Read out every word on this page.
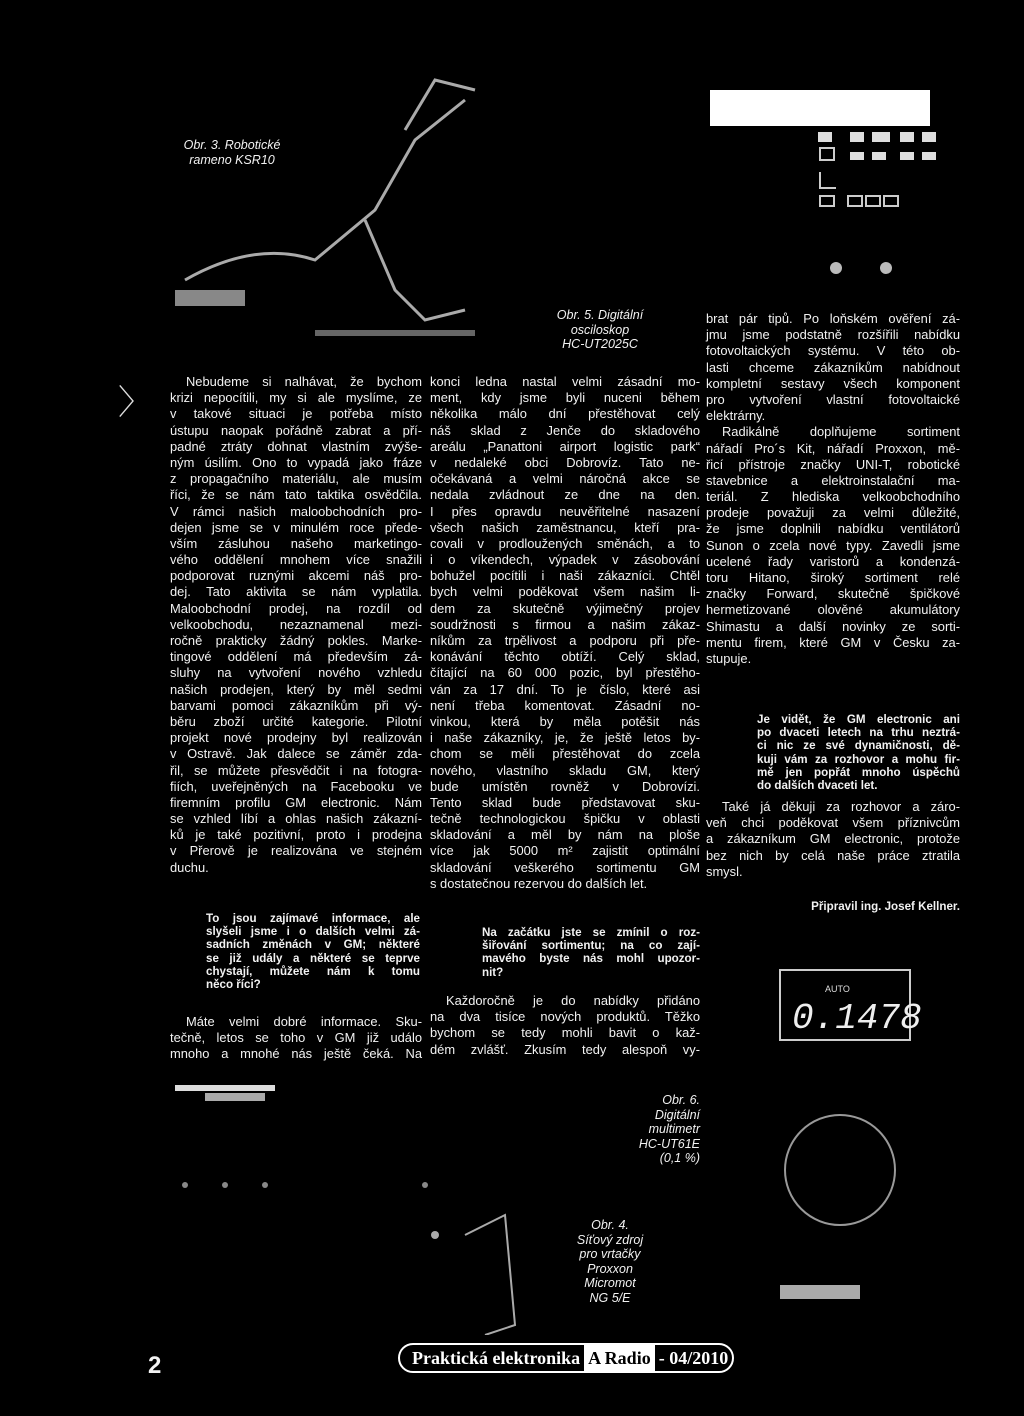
0.1478
AUTO
〉
Obr. 3. Robotické
rameno KSR10
Obr. 5. Digitální
osciloskop
HC-UT2025C
Obr. 6.
Digitální
multimetr
HC-UT61E
(0,1 %)
Obr. 4.
Síťový zdroj
pro vrtačky
Proxxon
Micromot
NG 5/E
Nebudeme si nalhávat, že bychom
krizi nepocítili, my si ale myslíme, ze
v takové situaci je potřeba místo
ústupu naopak pořádně zabrat a pří-
padné ztráty dohnat vlastním zvýše-
ným úsilím. Ono to vypadá jako fráze
z propagačního materiálu, ale musím
říci, že se nám tato taktika osvědčila.
V rámci našich maloobchodních pro-
dejen jsme se v minulém roce přede-
vším zásluhou našeho marketingo-
vého oddělení mnohem více snažili
podporovat ruznými akcemi náš pro-
dej. Tato aktivita se nám vyplatila.
Maloobchodní prodej, na rozdíl od
velkoobchodu, nezaznamenal mezi-
ročně prakticky žádný pokles. Marke-
tingové oddělení má především zá-
sluhy na vytvoření nového vzhledu
našich prodejen, který by měl sedmi
barvami pomoci zákazníkům při vý-
běru zboží určité kategorie. Pilotní
projekt nové prodejny byl realizován
v Ostravě. Jak dalece se záměr zda-
řil, se můžete přesvědčit i na fotogra-
fiích, uveřejněných na Facebooku ve
firemním profilu GM electronic. Nám
se vzhled líbí a ohlas našich zákazní-
ků je také pozitivní, proto i prodejna
v Přerově je realizována ve stejném
duchu.
To jsou zajímavé informace, ale
slyšeli jsme i o dalších velmi zá-
sadních změnách v GM; některé
se již udály a některé se teprve
chystají, můžete nám k tomu
něco říci?
Máte velmi dobré informace. Sku-
tečně, letos se toho v GM již událo
mnoho a mnohé nás ještě čeká. Na
konci ledna nastal velmi zásadní mo-
ment, kdy jsme byli nuceni během
několika málo dní přestěhovat celý
náš sklad z Jenče do skladového
areálu „Panattoni airport logistic park“
v nedaleké obci Dobrovíz. Tato ne-
očekávaná a velmi náročná akce se
nedala zvládnout ze dne na den.
I přes opravdu neuvěřitelné nasazení
všech našich zaměstnancu, kteří pra-
covali v prodloužených směnách, a to
i o víkendech, výpadek v zásobování
bohužel pocítili i naši zákazníci. Chtěl
bych velmi poděkovat všem našim li-
dem za skutečně výjimečný projev
soudržnosti s firmou a našim zákaz-
níkům za trpělivost a podporu při pře-
konávání těchto obtíží. Celý sklad,
čítající na 60 000 pozic, byl přestěho-
ván za 17 dní. To je číslo, které asi
není třeba komentovat. Zásadní no-
vinkou, která by měla potěšit nás
i naše zákazníky, je, že ještě letos by-
chom se měli přestěhovat do zcela
nového, vlastního skladu GM, který
bude umístěn rovněž v Dobrovízi.
Tento sklad bude představovat sku-
tečně technologickou špičku v oblasti
skladování a měl by nám na ploše
více jak 5000 m² zajistit optimální
skladování veškerého sortimentu GM
s dostatečnou rezervou do dalších let.
Na začátku jste se zmínil o roz-
šiřování sortimentu; na co zají-
mavého byste nás mohl upozor-
nit?
Každoročně je do nabídky přidáno
na dva tisíce nových produktů. Těžko
bychom se tedy mohli bavit o kaž-
dém zvlášť. Zkusím tedy alespoň vy-
brat pár tipů. Po loňském ověření zá-
jmu jsme podstatně rozšířili nabídku
fotovoltaických systému. V této ob-
lasti chceme zákazníkům nabídnout
kompletní sestavy všech komponent
pro vytvoření vlastní fotovoltaické
elektrárny.
Radikálně doplňujeme sortiment
nářadí Pro´s Kit, nářadí Proxxon, mě-
řicí přístroje značky UNI-T, robotické
stavebnice a elektroinstalační ma-
teriál. Z hlediska velkoobchodního
prodeje považuji za velmi důležité,
že jsme doplnili nabídku ventilátorů
Sunon o zcela nové typy. Zavedli jsme
ucelené řady varistorů a kondenzá-
toru Hitano, široký sortiment relé
značky Forward, skutečně špičkové
hermetizované olověné akumulátory
Shimastu a další novinky ze sorti-
mentu firem, které GM v Česku za-
stupuje.
Je vidět, že GM electronic ani
po dvaceti letech na trhu neztrá-
ci nic ze své dynamičnosti, dě-
kuji vám za rozhovor a mohu fir-
mě jen popřát mnoho úspěchů
do dalších dvaceti let.
Také já děkuji za rozhovor a záro-
veň chci poděkovat všem příznivcům
a zákazníkum GM electronic, protože
bez nich by celá naše práce ztratila
smysl.
Připravil ing. Josef Kellner.
2	Praktická elektronika A Radio - 04/2010
